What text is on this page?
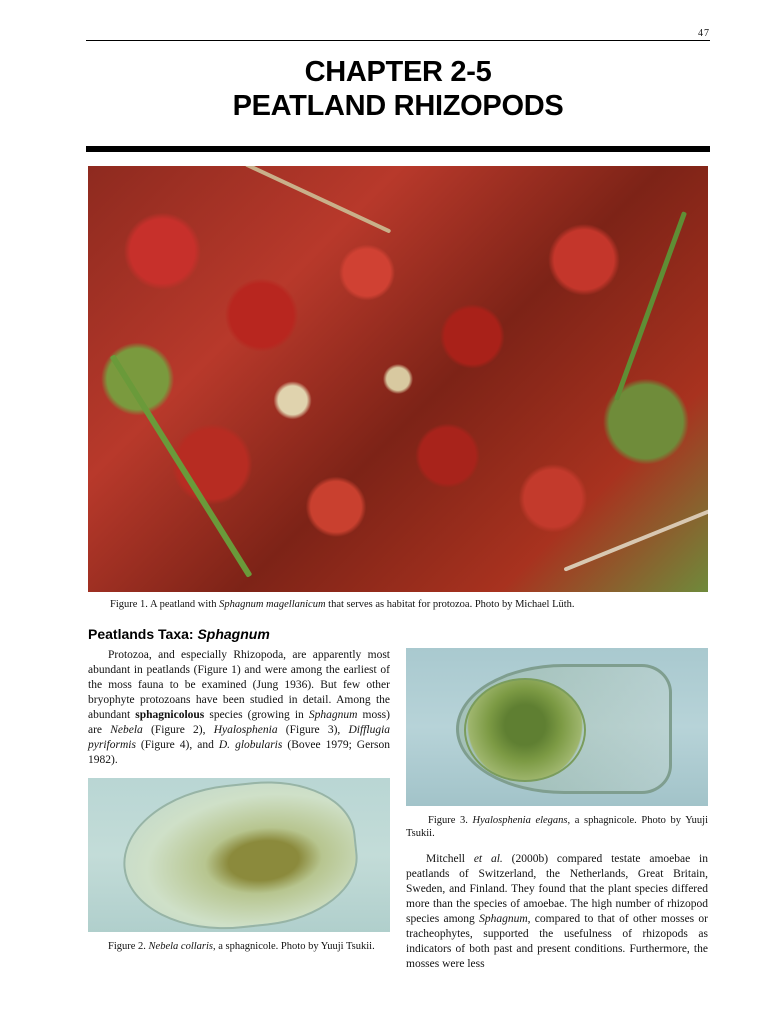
47
CHAPTER 2-5
PEATLAND RHIZOPODS
Figure 1. A peatland with Sphagnum magellanicum that serves as habitat for protozoa. Photo by Michael Lüth.
Peatlands Taxa: Sphagnum
Protozoa, and especially Rhizopoda, are apparently most abundant in peatlands (Figure 1) and were among the earliest of the moss fauna to be examined (Jung 1936). But few other bryophyte protozoans have been studied in detail. Among the abundant sphagnicolous species (growing in Sphagnum moss) are Nebela (Figure 2), Hyalosphenia (Figure 3), Difflugia pyriformis (Figure 4), and D. globularis (Bovee 1979; Gerson 1982).
Figure 3. Hyalosphenia elegans, a sphagnicole. Photo by Yuuji Tsukii.
Figure 2. Nebela collaris, a sphagnicole. Photo by Yuuji Tsukii.
Mitchell et al. (2000b) compared testate amoebae in peatlands of Switzerland, the Netherlands, Great Britain, Sweden, and Finland. They found that the plant species differed more than the species of amoebae. The high number of rhizopod species among Sphagnum, compared to that of other mosses or tracheophytes, supported the usefulness of rhizopods as indicators of both past and present conditions. Furthermore, the mosses were less
